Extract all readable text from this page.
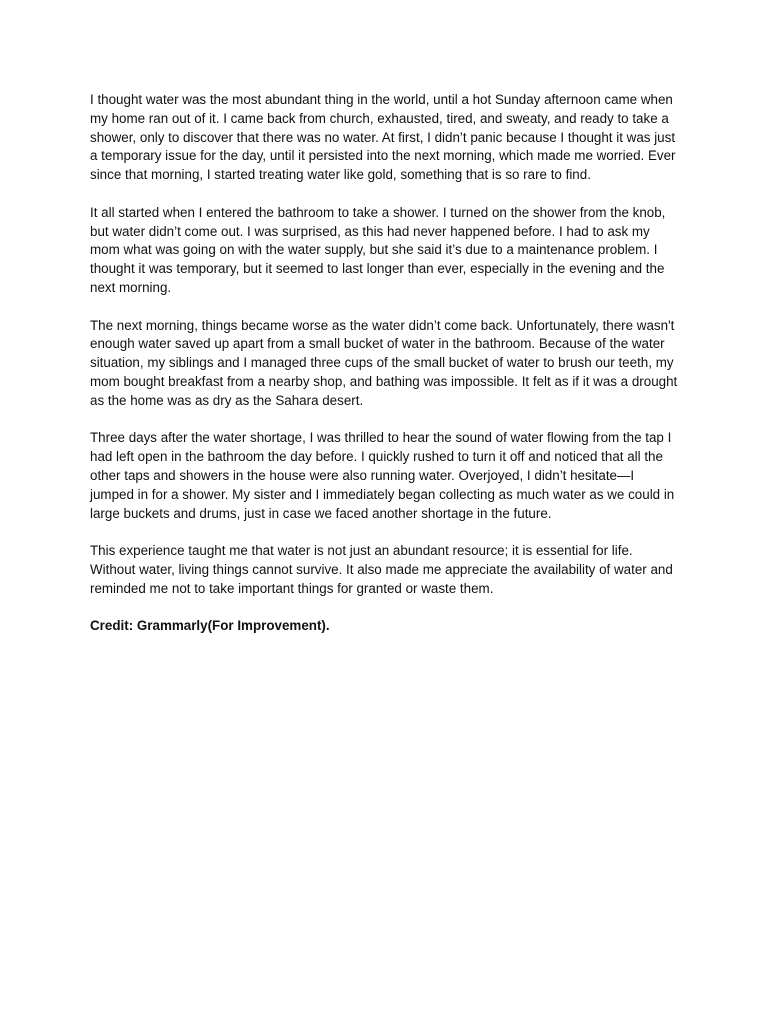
I thought water was the most abundant thing in the world, until a hot Sunday afternoon came when my home ran out of it. I came back from church, exhausted, tired, and sweaty, and ready to take a shower, only to discover that there was no water. At first, I didn’t panic because I thought it was just a temporary issue for the day, until it persisted into the next morning, which made me worried. Ever since that morning, I started treating water like gold, something that is so rare to find.

It all started when I entered the bathroom to take a shower. I turned on the shower from the knob, but water didn’t come out. I was surprised, as this had never happened before. I had to ask my mom what was going on with the water supply, but she said it’s due to a maintenance problem. I thought it was temporary, but it seemed to last longer than ever, especially in the evening and the next morning.

The next morning, things became worse as the water didn’t come back. Unfortunately, there wasn't enough water saved up apart from a small bucket of water in the bathroom. Because of the water situation, my siblings and I managed three cups of the small bucket of water to brush our teeth, my mom bought breakfast from a nearby shop, and bathing was impossible. It felt as if it was a drought as the home was as dry as the Sahara desert.

Three days after the water shortage, I was thrilled to hear the sound of water flowing from the tap I had left open in the bathroom the day before. I quickly rushed to turn it off and noticed that all the other taps and showers in the house were also running water. Overjoyed, I didn’t hesitate—I jumped in for a shower. My sister and I immediately began collecting as much water as we could in large buckets and drums, just in case we faced another shortage in the future.

This experience taught me that water is not just an abundant resource; it is essential for life. Without water, living things cannot survive. It also made me appreciate the availability of water and reminded me not to take important things for granted or waste them.

Credit: Grammarly(For Improvement).
